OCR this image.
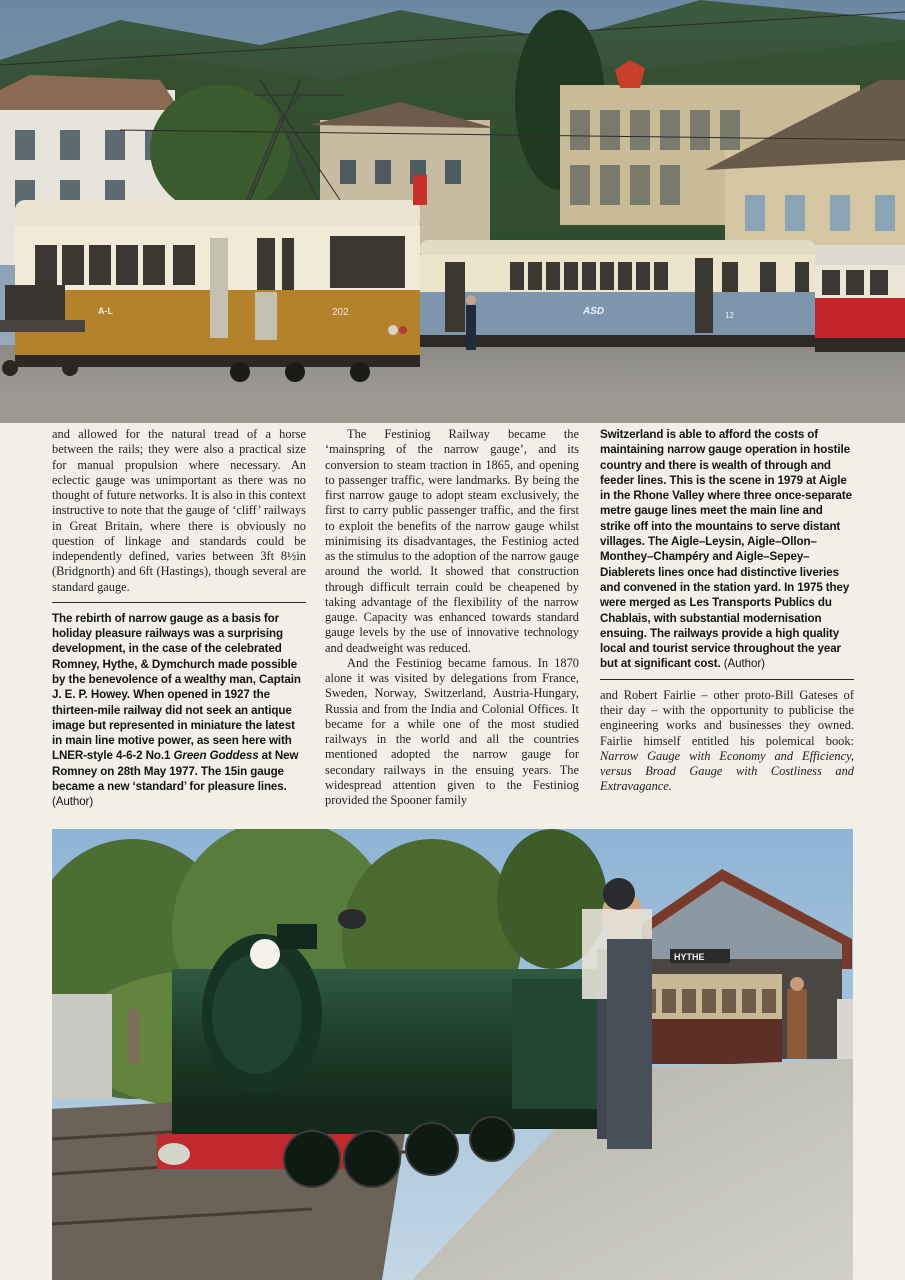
202
A-L	ASD	12

and allowed for the natural tread of a horse between the rails; they were also a practical size for manual propulsion where necessary. An eclectic gauge was unimportant as there was no thought of future networks. It is also in this context instructive to note that the gauge of ‘cliff’ railways in Great Britain, where there is obviously no question of linkage and standards could be independently defined, varies between 3ft 8½in (Bridgnorth) and 6ft (Hastings), though several are standard gauge.

The rebirth of narrow gauge as a basis for holiday pleasure railways was a surprising development, in the case of the celebrated Romney, Hythe, & Dymchurch made possible by the benevolence of a wealthy man, Captain J. E. P. Howey. When opened in 1927 the thirteen-mile railway did not seek an antique image but represented in miniature the latest in main line motive power, as seen here with LNER-style 4-6-2 No.1 Green Goddess at New Romney on 28th May 1977. The 15in gauge became a new ‘standard’ for pleasure lines. (Author)

The Festiniog Railway became the ‘mainspring of the narrow gauge’, and its conversion to steam traction in 1865, and opening to passenger traffic, were landmarks. By being the first narrow gauge to adopt steam exclusively, the first to carry public passenger traffic, and the first to exploit the benefits of the narrow gauge whilst minimising its disadvantages, the Festiniog acted as the stimulus to the adoption of the narrow gauge around the world. It showed that construction through difficult terrain could be cheapened by taking advantage of the flexibility of the narrow gauge. Capacity was enhanced towards standard gauge levels by the use of innovative technology and deadweight was reduced.

And the Festiniog became famous. In 1870 alone it was visited by delegations from France, Sweden, Norway, Switzerland, Austria-Hungary, Russia and from the India and Colonial Offices. It became for a while one of the most studied railways in the world and all the countries mentioned adopted the narrow gauge for secondary railways in the ensuing years. The widespread attention given to the Festiniog provided the Spooner family

Switzerland is able to afford the costs of maintaining narrow gauge operation in hostile country and there is wealth of through and feeder lines. This is the scene in 1979 at Aigle in the Rhone Valley where three once-separate metre gauge lines meet the main line and strike off into the mountains to serve distant villages. The Aigle–Leysin, Aigle–Ollon–Monthey–Champéry and Aigle–Sepey–Diablerets lines once had distinctive liveries and convened in the station yard. In 1975 they were merged as Les Transports Publics du Chablais, with substantial modernisation ensuing. The railways provide a high quality local and tourist service throughout the year but at significant cost. (Author)

and Robert Fairlie – other proto-Bill Gateses of their day – with the opportunity to publicise the engineering works and businesses they owned. Fairlie himself entitled his polemical book: Narrow Gauge with Economy and Efficiency, versus Broad Gauge with Costliness and Extravagance.

HYTHE
